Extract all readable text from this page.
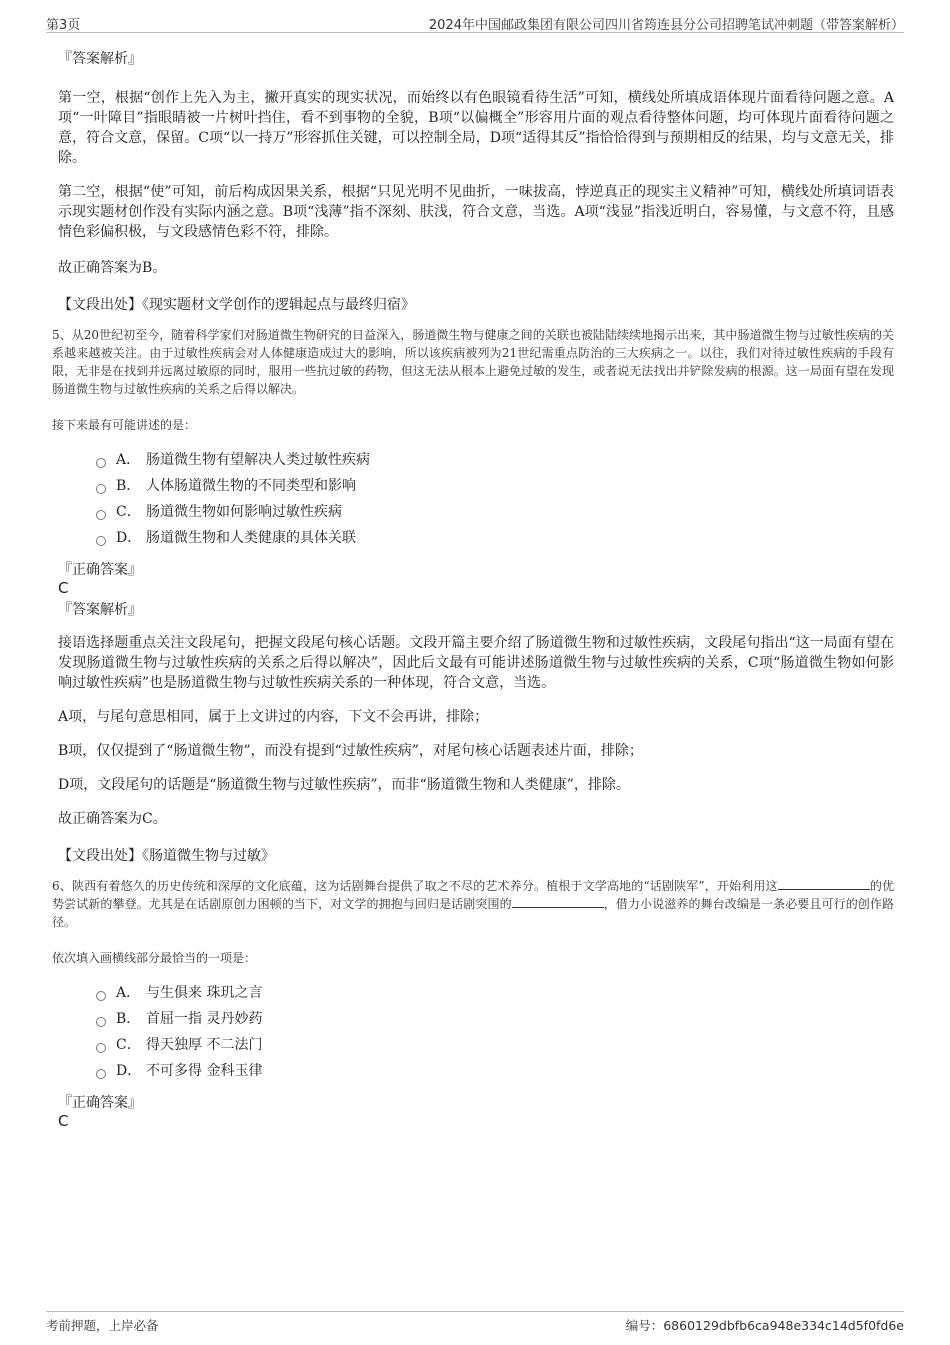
第3页	2024年中国邮政集团有限公司四川省筠连县分公司招聘笔试冲刺题（带答案解析）
『答案解析』
第一空，根据“创作上先入为主，撇开真实的现实状况，而始终以有色眼镜看待生活”可知，横线处所填成语体现片面看待问题之意。A项“一叶障目”指眼睛被一片树叶挡住，看不到事物的全貌，B项“以偏概全”形容用片面的观点看待整体问题，均可体现片面看待问题之意，符合文意，保留。C项“以一持万”形容抓住关键，可以控制全局，D项“适得其反”指恰恰得到与预期相反的结果，均与文意无关，排除。
第二空，根据“使”可知，前后构成因果关系，根据“只见光明不见曲折，一味拔高，悖逆真正的现实主义精神”可知，横线处所填词语表示现实题材创作没有实际内涵之意。B项“浅薄”指不深刻、肤浅，符合文意，当选。A项“浅显”指浅近明白，容易懂，与文意不符，且感情色彩偏积极，与文段感情色彩不符，排除。
故正确答案为B。
【文段出处】《现实题材文学创作的逻辑起点与最终归宿》
5、从20世纪初至今，随着科学家们对肠道微生物研究的日益深入，肠道微生物与健康之间的关联也被陆陆续续地揭示出来，其中肠道微生物与过敏性疾病的关系越来越被关注。由于过敏性疾病会对人体健康造成过大的影响，所以该疾病被列为21世纪需重点防治的三大疾病之一。以往，我们对待过敏性疾病的手段有限，无非是在找到并远离过敏原的同时，服用一些抗过敏的药物，但这无法从根本上避免过敏的发生，或者说无法找出并铲除发病的根源。这一局面有望在发现肠道微生物与过敏性疾病的关系之后得以解决。
接下来最有可能讲述的是：
A． 肠道微生物有望解决人类过敏性疾病
B． 人体肠道微生物的不同类型和影响
C． 肠道微生物如何影响过敏性疾病
D． 肠道微生物和人类健康的具体关联
『正确答案』
C
『答案解析』
接语选择题重点关注文段尾句，把握文段尾句核心话题。文段开篇主要介绍了肠道微生物和过敏性疾病，文段尾句指出“这一局面有望在发现肠道微生物与过敏性疾病的关系之后得以解决”，因此后文最有可能讲述肠道微生物与过敏性疾病的关系，C项“肠道微生物如何影响过敏性疾病”也是肠道微生物与过敏性疾病关系的一种体现，符合文意，当选。
A项，与尾句意思相同，属于上文讲过的内容，下文不会再讲，排除；
B项，仅仅提到了“肠道微生物”，而没有提到“过敏性疾病”，对尾句核心话题表述片面，排除；
D项，文段尾句的话题是“肠道微生物与过敏性疾病”，而非“肠道微生物和人类健康”，排除。
故正确答案为C。
【文段出处】《肠道微生物与过敏》
6、陕西有着悠久的历史传统和深厚的文化底蕴，这为话剧舞台提供了取之不尽的艺术养分。植根于文学高地的“话剧陕军”，开始利用这	的优势尝试新的攀登。尤其是在话剧原创力困顿的当下，对文学的拥抱与回归是话剧突围的	，借力小说滋养的舞台改编是一条必要且可行的创作路径。
依次填入画横线部分最恰当的一项是：
A． 与生俱来 珠玑之言
B． 首屈一指 灵丹妙药
C． 得天独厚 不二法门
D． 不可多得 金科玉律
『正确答案』
C
考前押题，上岸必备	编号：6860129dbfb6ca948e334c14d5f0fd6e
